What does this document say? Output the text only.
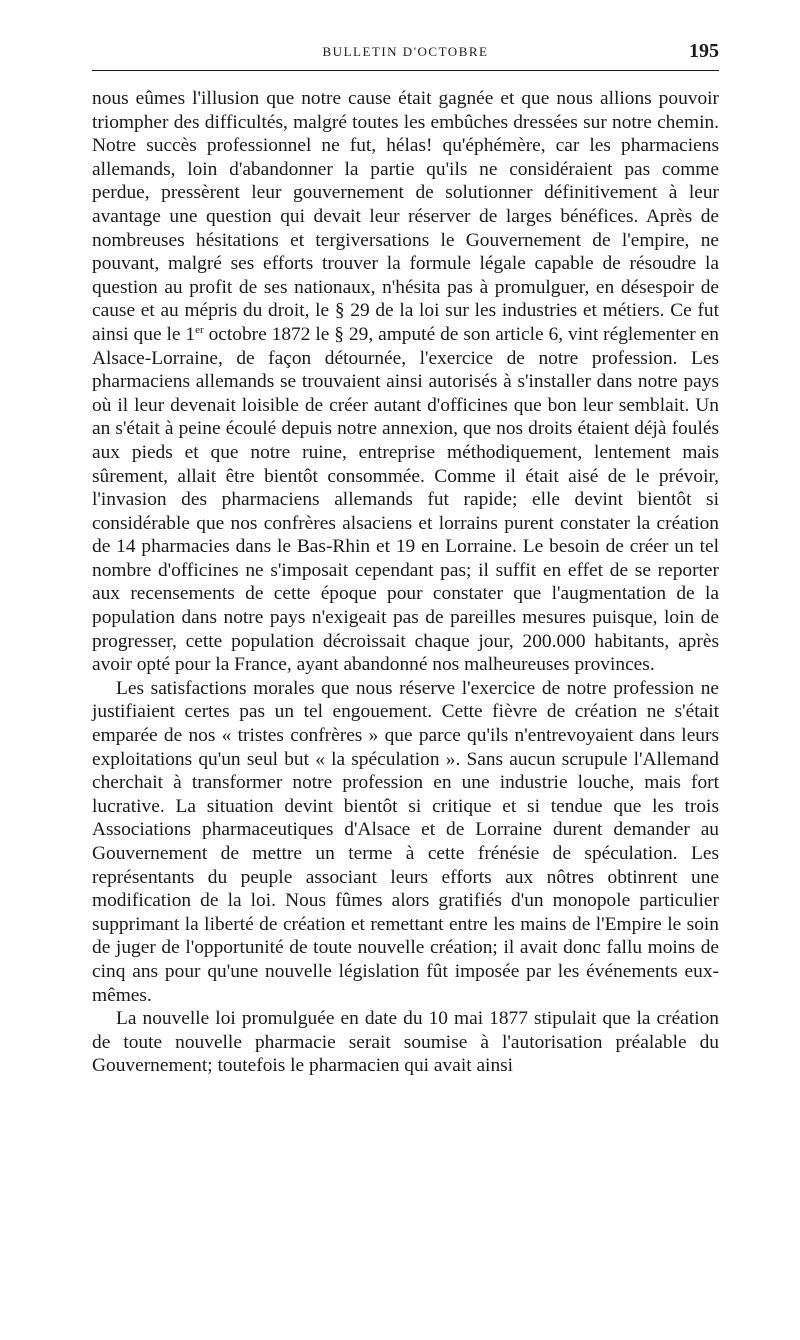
BULLETIN D'OCTOBRE	195

nous eûmes l'illusion que notre cause était gagnée et que nous allions pouvoir triompher des difficultés, malgré toutes les embûches dressées sur notre chemin. Notre succès professionnel ne fut, hélas! qu'éphémère, car les pharmaciens allemands, loin d'abandonner la partie qu'ils ne considéraient pas comme perdue, pressèrent leur gouvernement de solutionner définitivement à leur avantage une question qui devait leur réserver de larges bénéfices. Après de nombreuses hésitations et tergiversations le Gouvernement de l'empire, ne pouvant, malgré ses efforts trouver la formule légale capable de résoudre la question au profit de ses nationaux, n'hésita pas à promulguer, en désespoir de cause et au mépris du droit, le § 29 de la loi sur les industries et métiers. Ce fut ainsi que le 1er octobre 1872 le § 29, amputé de son article 6, vint réglementer en Alsace-Lorraine, de façon détournée, l'exercice de notre profession. Les pharmaciens allemands se trouvaient ainsi autorisés à s'installer dans notre pays où il leur devenait loisible de créer autant d'officines que bon leur semblait. Un an s'était à peine écoulé depuis notre annexion, que nos droits étaient déjà foulés aux pieds et que notre ruine, entreprise méthodiquement, lentement mais sûrement, allait être bientôt consommée. Comme il était aisé de le prévoir, l'invasion des pharmaciens allemands fut rapide; elle devint bientôt si considérable que nos confrères alsaciens et lorrains purent constater la création de 14 pharmacies dans le Bas-Rhin et 19 en Lorraine. Le besoin de créer un tel nombre d'officines ne s'imposait cependant pas; il suffit en effet de se reporter aux recensements de cette époque pour constater que l'augmentation de la population dans notre pays n'exigeait pas de pareilles mesures puisque, loin de progresser, cette population décroissait chaque jour, 200.000 habitants, après avoir opté pour la France, ayant abandonné nos malheureuses provinces.

Les satisfactions morales que nous réserve l'exercice de notre profession ne justifiaient certes pas un tel engouement. Cette fièvre de création ne s'était emparée de nos « tristes confrères » que parce qu'ils n'entrevoyaient dans leurs exploitations qu'un seul but « la spéculation ». Sans aucun scrupule l'Allemand cherchait à transformer notre profession en une industrie louche, mais fort lucrative. La situation devint bientôt si critique et si tendue que les trois Associations pharmaceutiques d'Alsace et de Lorraine durent demander au Gouvernement de mettre un terme à cette frénésie de spéculation. Les représentants du peuple associant leurs efforts aux nôtres obtinrent une modification de la loi. Nous fûmes alors gratifiés d'un monopole particulier supprimant la liberté de création et remettant entre les mains de l'Empire le soin de juger de l'opportunité de toute nouvelle création; il avait donc fallu moins de cinq ans pour qu'une nouvelle législation fût imposée par les événements eux-mêmes.

La nouvelle loi promulguée en date du 10 mai 1877 stipulait que la création de toute nouvelle pharmacie serait soumise à l'autorisation préalable du Gouvernement; toutefois le pharmacien qui avait ainsi
